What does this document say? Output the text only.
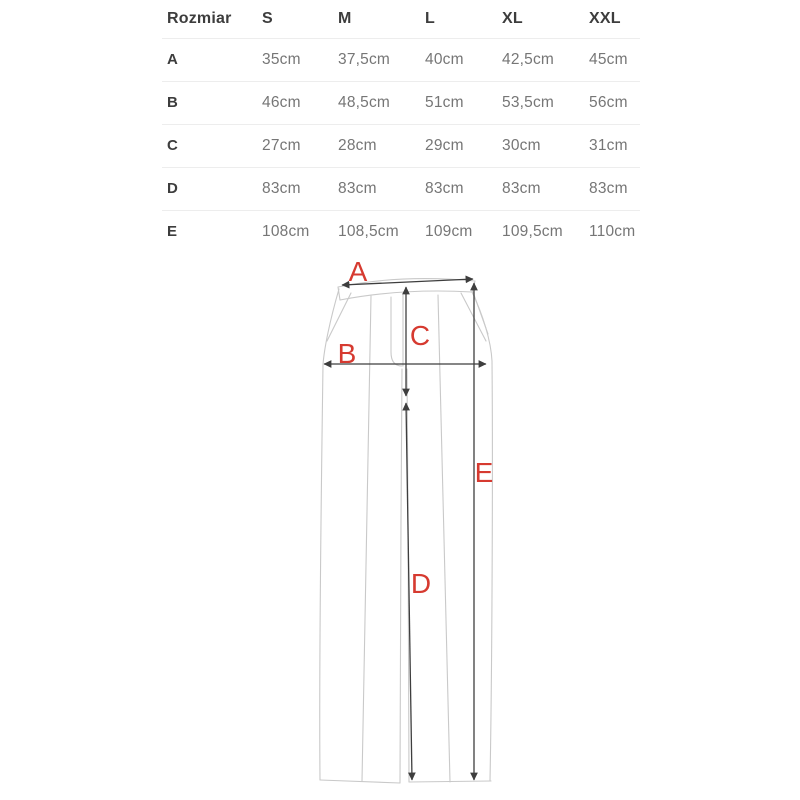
Rozmiar	S	M	L	XL	XXL
A	35cm	37,5cm	40cm	42,5cm	45cm
B	46cm	48,5cm	51cm	53,5cm	56cm
C	27cm	28cm	29cm	30cm	31cm
D	83cm	83cm	83cm	83cm	83cm
E	108cm	108,5cm	109cm	109,5cm	110cm
A
B
C
D
E
